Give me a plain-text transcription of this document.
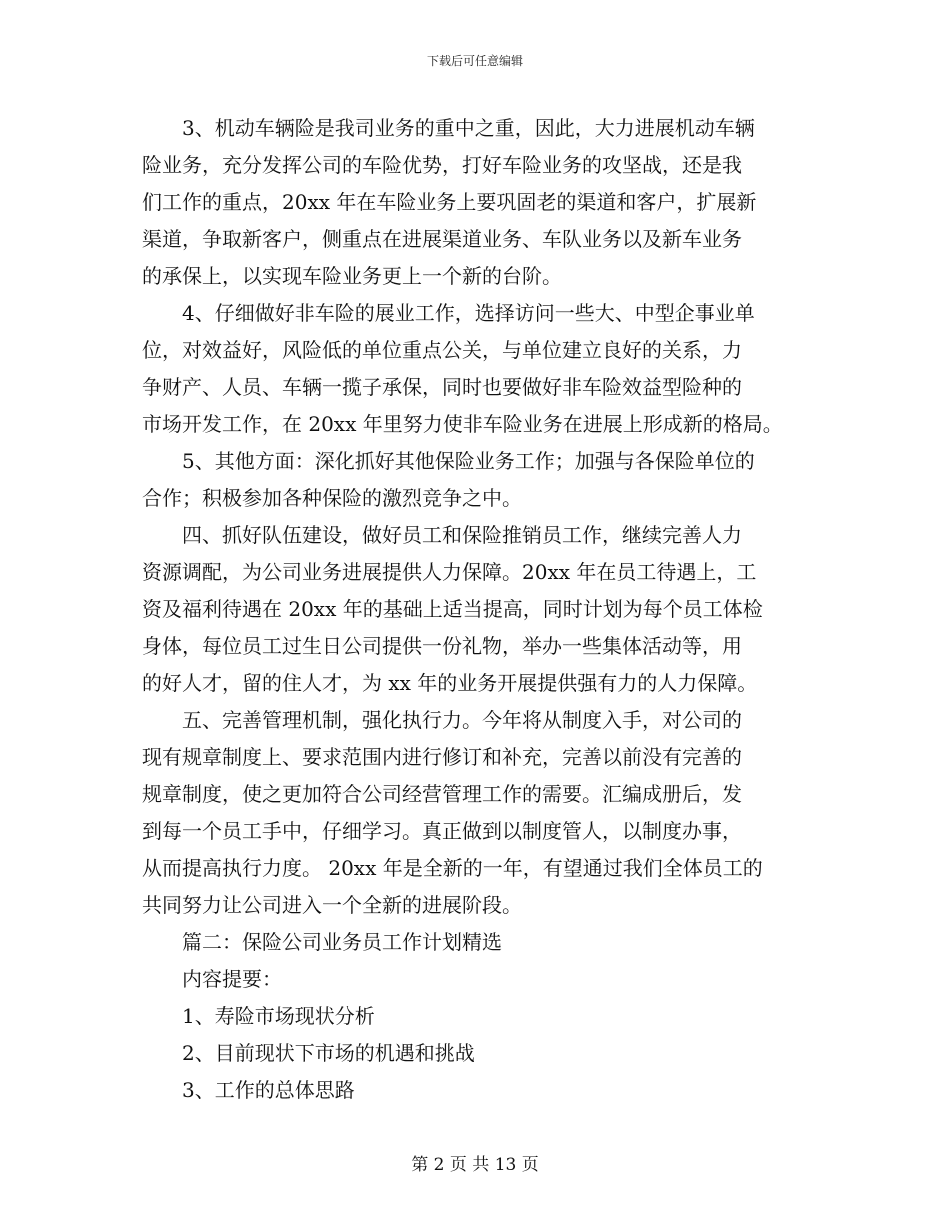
下载后可任意编辑

3、机动车辆险是我司业务的重中之重，因此，大力进展机动车辆
险业务，充分发挥公司的车险优势，打好车险业务的攻坚战，还是我
们工作的重点，20xx 年在车险业务上要巩固老的渠道和客户，扩展新
渠道，争取新客户，侧重点在进展渠道业务、车队业务以及新车业务
的承保上，以实现车险业务更上一个新的台阶。

4、仔细做好非车险的展业工作，选择访问一些大、中型企事业单
位，对效益好，风险低的单位重点公关，与单位建立良好的关系，力
争财产、人员、车辆一揽子承保，同时也要做好非车险效益型险种的
市场开发工作，在 20xx 年里努力使非车险业务在进展上形成新的格局。

5、其他方面：深化抓好其他保险业务工作；加强与各保险单位的
合作；积极参加各种保险的激烈竞争之中。

四、抓好队伍建设，做好员工和保险推销员工作，继续完善人力
资源调配，为公司业务进展提供人力保障。20xx 年在员工待遇上，工
资及福利待遇在 20xx 年的基础上适当提高，同时计划为每个员工体检
身体，每位员工过生日公司提供一份礼物，举办一些集体活动等，用
的好人才，留的住人才，为 xx 年的业务开展提供强有力的人力保障。

五、完善管理机制，强化执行力。今年将从制度入手，对公司的
现有规章制度上、要求范围内进行修订和补充，完善以前没有完善的
规章制度，使之更加符合公司经营管理工作的需要。汇编成册后，发
到每一个员工手中，仔细学习。真正做到以制度管人，以制度办事，
从而提高执行力度。 20xx 年是全新的一年，有望通过我们全体员工的
共同努力让公司进入一个全新的进展阶段。

篇二：保险公司业务员工作计划精选

内容提要：

1、寿险市场现状分析

2、目前现状下市场的机遇和挑战

3、工作的总体思路

第 2 页 共 13 页
